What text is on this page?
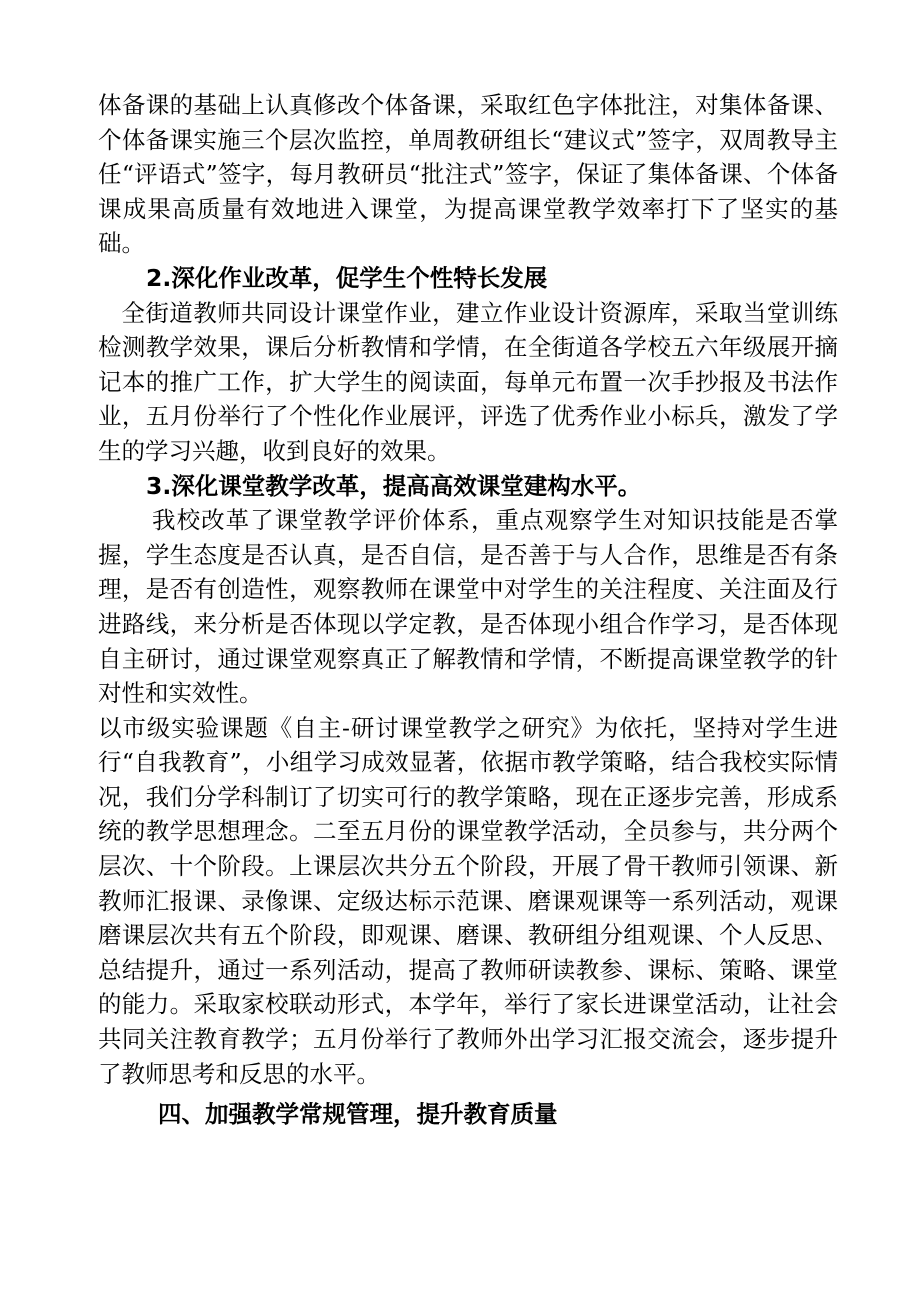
体备课的基础上认真修改个体备课，采取红色字体批注，对集体备课、个体备课实施三个层次监控，单周教研组长“建议式”签字，双周教导主任“评语式”签字，每月教研员“批注式”签字，保证了集体备课、个体备课成果高质量有效地进入课堂，为提高课堂教学效率打下了坚实的基础。

2.深化作业改革，促学生个性特长发展

全街道教师共同设计课堂作业，建立作业设计资源库，采取当堂训练检测教学效果，课后分析教情和学情，在全街道各学校五六年级展开摘记本的推广工作，扩大学生的阅读面，每单元布置一次手抄报及书法作业，五月份举行了个性化作业展评，评选了优秀作业小标兵，激发了学生的学习兴趣，收到良好的效果。

3.深化课堂教学改革，提高高效课堂建构水平。

我校改革了课堂教学评价体系，重点观察学生对知识技能是否掌握，学生态度是否认真，是否自信，是否善于与人合作，思维是否有条理，是否有创造性，观察教师在课堂中对学生的关注程度、关注面及行进路线，来分析是否体现以学定教，是否体现小组合作学习，是否体现自主研讨，通过课堂观察真正了解教情和学情，不断提高课堂教学的针对性和实效性。

以市级实验课题《自主-研讨课堂教学之研究》为依托，坚持对学生进行“自我教育”，小组学习成效显著，依据市教学策略，结合我校实际情况，我们分学科制订了切实可行的教学策略，现在正逐步完善，形成系统的教学思想理念。二至五月份的课堂教学活动，全员参与，共分两个层次、十个阶段。上课层次共分五个阶段，开展了骨干教师引领课、新教师汇报课、录像课、定级达标示范课、磨课观课等一系列活动，观课磨课层次共有五个阶段，即观课、磨课、教研组分组观课、个人反思、总结提升，通过一系列活动，提高了教师研读教参、课标、策略、课堂的能力。采取家校联动形式，本学年，举行了家长进课堂活动，让社会共同关注教育教学；五月份举行了教师外出学习汇报交流会，逐步提升了教师思考和反思的水平。

四、加强教学常规管理，提升教育质量
